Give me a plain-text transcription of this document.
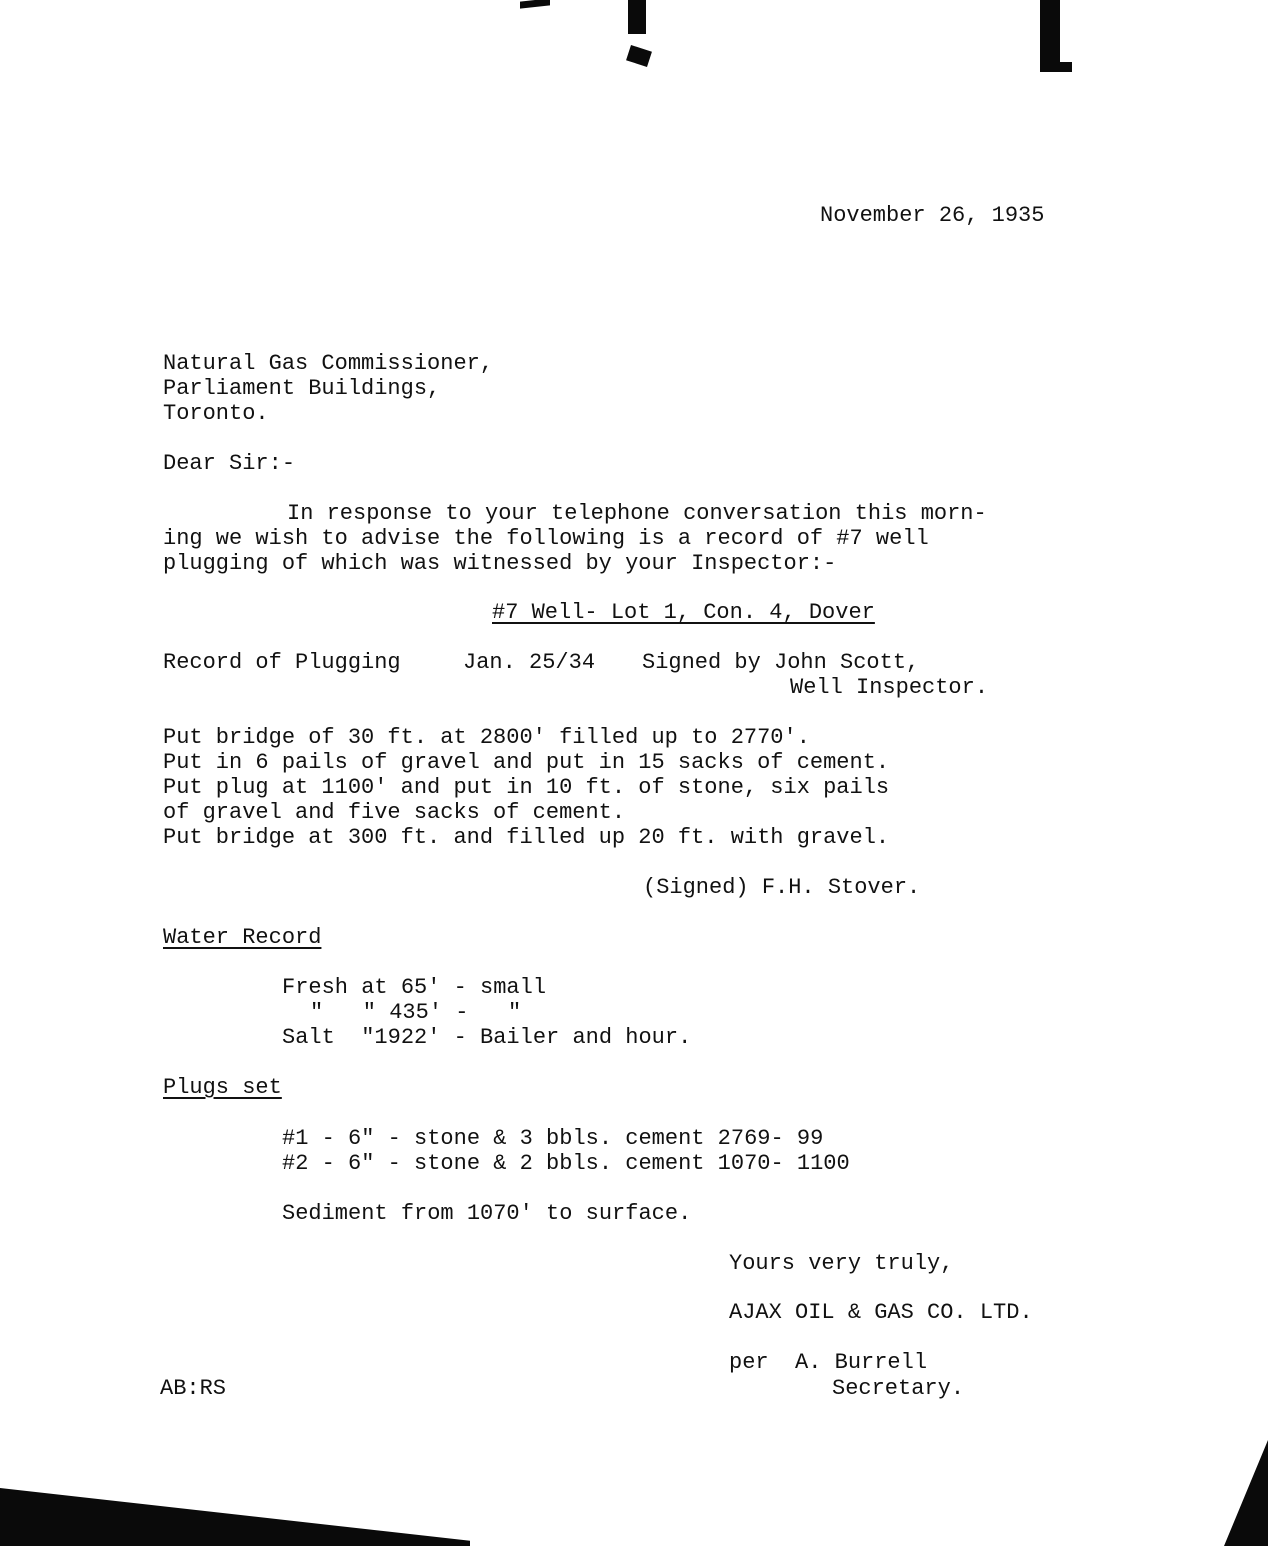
November 26, 1935

Natural Gas Commissioner,

Parliament Buildings,

Toronto.

Dear Sir:-

In response to your telephone conversation this morn-

ing we wish to advise the following is a record of #7 well

plugging of which was witnessed by your Inspector:-

#7 Well- Lot 1, Con. 4, Dover

Record of Plugging	Jan. 25/34 Signed by John Scott,

Well Inspector.

Put bridge of 30 ft. at 2800' filled up to 2770'.

Put in 6 pails of gravel and put in 15 sacks of cement.

Put plug at 1100' and put in 10 ft. of stone, six pails

of gravel and five sacks of cement.

Put bridge at 300 ft. and filled up 20 ft. with gravel.

(Signed) F.H. Stover.

Water Record

Fresh at 65' - small

"   " 435' -   "

Salt  "1922' - Bailer and hour.

Plugs set

#1 - 6" - stone & 3 bbls. cement 2769- 99

#2 - 6" - stone & 2 bbls. cement 1070- 1100

Sediment from 1070' to surface.

Yours very truly,

AJAX OIL & GAS CO. LTD.

per  A. Burrell

Secretary.

AB:RS
